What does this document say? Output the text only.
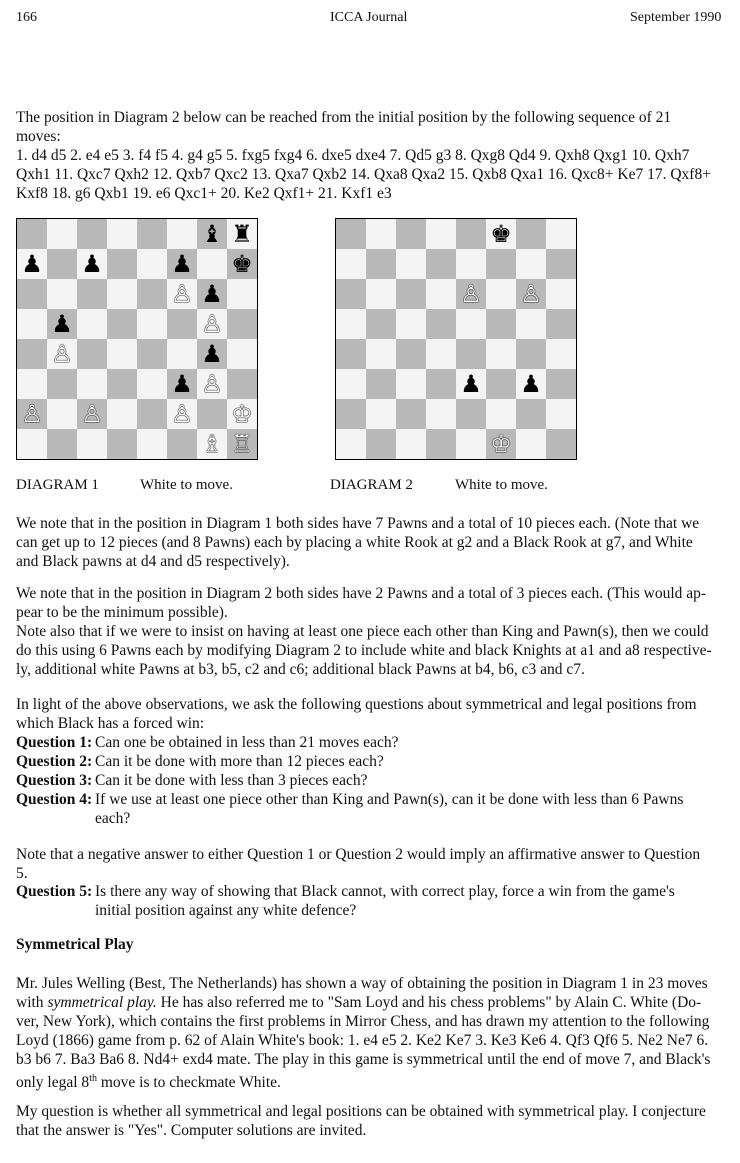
166	ICCA Journal	September 1990
The position in Diagram 2 below can be reached from the initial position by the following sequence of 21
moves:
1. d4 d5 2. e4 e5 3. f4 f5 4. g4 g5 5. fxg5 fxg4 6. dxe5 dxe4 7. Qd5 g3 8. Qxg8 Qd4 9. Qxh8 Qxg1 10. Qxh7
Qxh1 11. Qxc7 Qxh2 12. Qxb7 Qxc2 13. Qxa7 Qxb2 14. Qxa8 Qxa2 15. Qxb8 Qxa1 16. Qxc8+ Ke7 17. Qxf8+
Kxf8 18. g6 Qxb1 19. e6 Qxc1+ 20. Ke2 Qxf1+ 21. Kxf1 e3
♝ ♜
♟ ♟	♟ ♚
♙ ♟
♟	♙
♙	♟
♟ ♙
♙ ♙	♙ ♔
♗ ♖
♚
♙ ♙
♟ ♟
♔
DIAGRAM 1	White to move.	DIAGRAM 2	White to move.
We note that in the position in Diagram 1 both sides have 7 Pawns and a total of 10 pieces each. (Note that we
can get up to 12 pieces (and 8 Pawns) each by placing a white Rook at g2 and a Black Rook at g7, and White
and Black pawns at d4 and d5 respectively).
We note that in the position in Diagram 2 both sides have 2 Pawns and a total of 3 pieces each. (This would ap-
pear to be the minimum possible).
Note also that if we were to insist on having at least one piece each other than King and Pawn(s), then we could
do this using 6 Pawns each by modifying Diagram 2 to include white and black Knights at a1 and a8 respective-
ly, additional white Pawns at b3, b5, c2 and c6; additional black Pawns at b4, b6, c3 and c7.
In light of the above observations, we ask the following questions about symmetrical and legal positions from
which Black has a forced win:
Question 1: Can one be obtained in less than 21 moves each?
Question 2: Can it be done with more than 12 pieces each?
Question 3: Can it be done with less than 3 pieces each?
Question 4: If we use at least one piece other than King and Pawn(s), can it be done with less than 6 Pawns
each?
Note that a negative answer to either Question 1 or Question 2 would imply an affirmative answer to Question
5.
Question 5: Is there any way of showing that Black cannot, with correct play, force a win from the game's
initial position against any white defence?
Symmetrical Play
Mr. Jules Welling (Best, The Netherlands) has shown a way of obtaining the position in Diagram 1 in 23 moves
with symmetrical play. He has also referred me to "Sam Loyd and his chess problems" by Alain C. White (Do-
ver, New York), which contains the first problems in Mirror Chess, and has drawn my attention to the following
Loyd (1866) game from p. 62 of Alain White's book: 1. e4 e5 2. Ke2 Ke7 3. Ke3 Ke6 4. Qf3 Qf6 5. Ne2 Ne7 6.
b3 b6 7. Ba3 Ba6 8. Nd4+ exd4 mate. The play in this game is symmetrical until the end of move 7, and Black's
only legal 8th move is to checkmate White.
My question is whether all symmetrical and legal positions can be obtained with symmetrical play. I conjecture
that the answer is "Yes". Computer solutions are invited.
